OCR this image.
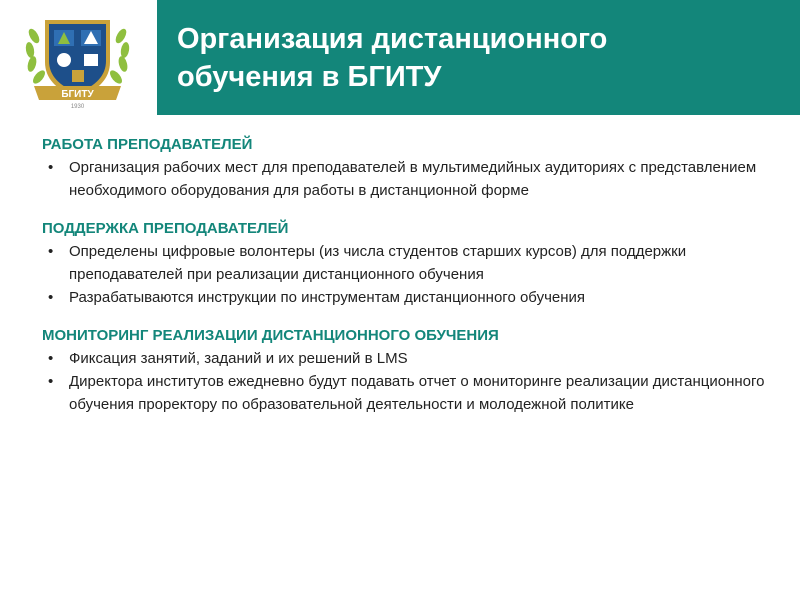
БГИТУ
1930
Организация дистанционного
обучения в БГИТУ
РАБОТА ПРЕПОДАВАТЕЛЕЙ
• Организация рабочих мест для преподавателей в мультимедийных аудиториях с представлением необходимого оборудования для работы в дистанционной форме
ПОДДЕРЖКА ПРЕПОДАВАТЕЛЕЙ
• Определены цифровые волонтеры (из числа студентов старших курсов) для поддержки преподавателей при реализации дистанционного обучения
• Разрабатываются инструкции по инструментам дистанционного обучения
МОНИТОРИНГ РЕАЛИЗАЦИИ ДИСТАНЦИОННОГО ОБУЧЕНИЯ
• Фиксация занятий, заданий и их решений в LMS
• Директора институтов ежедневно будут подавать отчет о мониторинге реализации дистанционного обучения проректору по образовательной деятельности и молодежной политике
